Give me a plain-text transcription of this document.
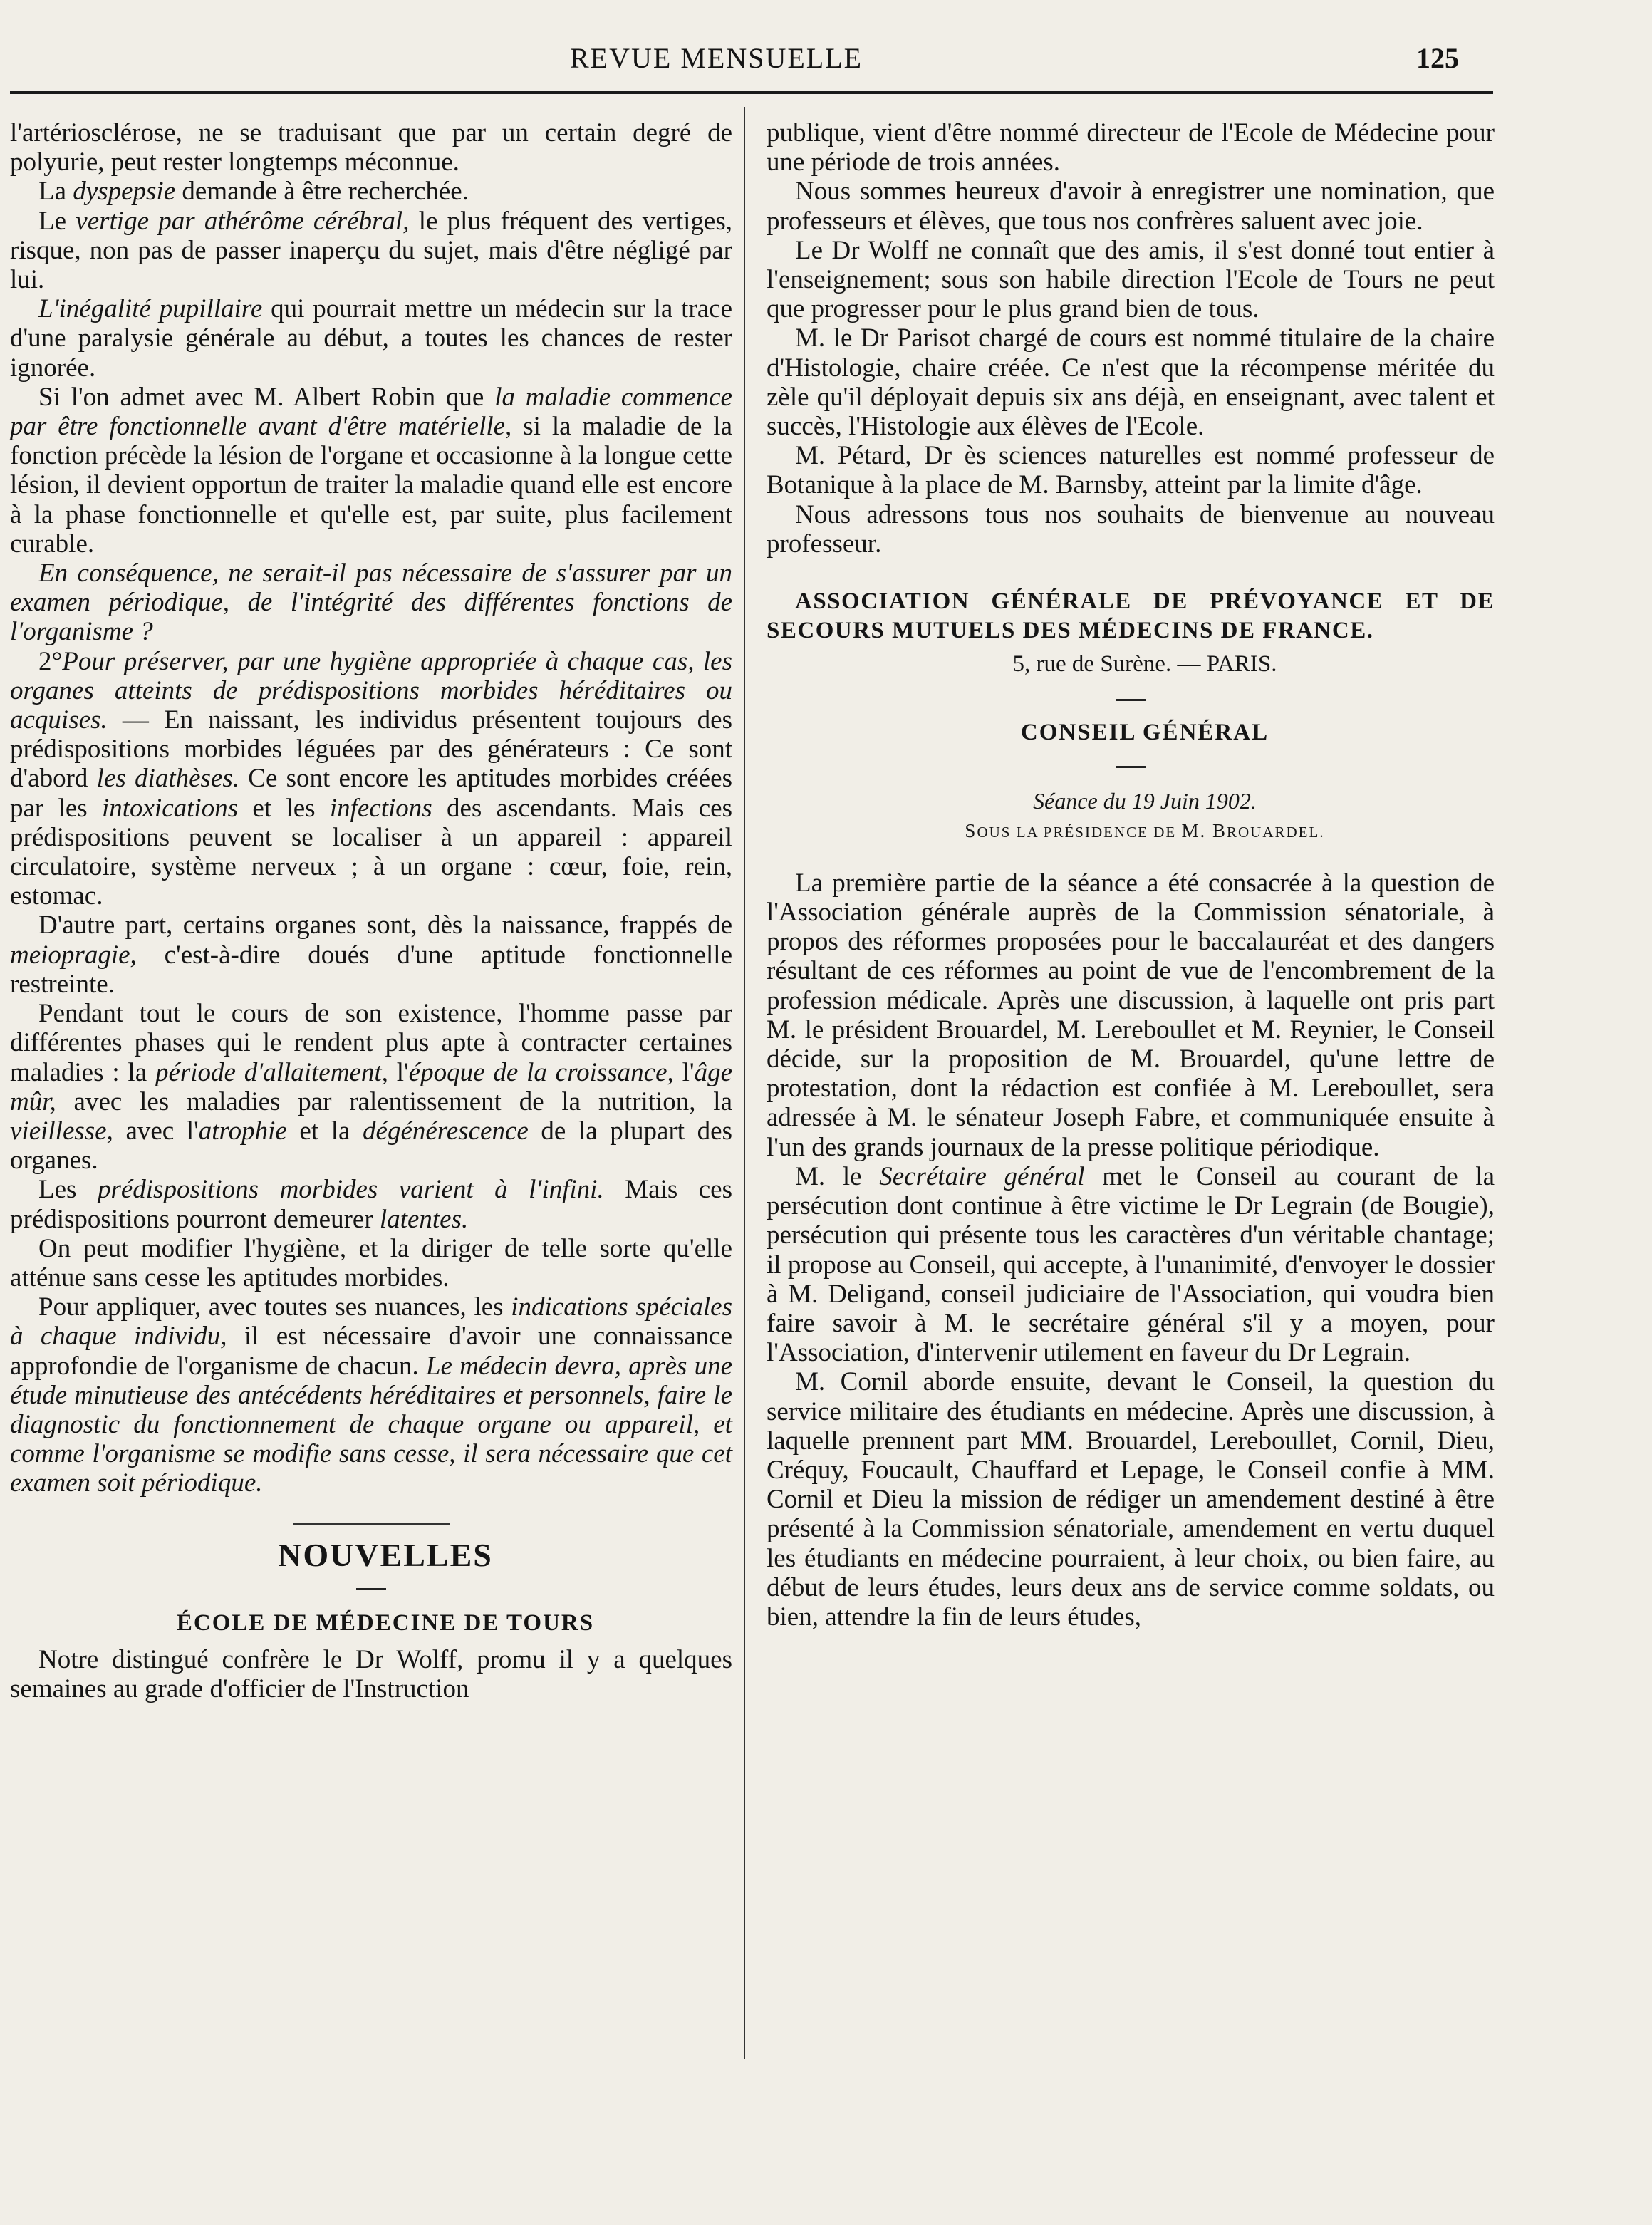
REVUE MENSUELLE	125

l'artériosclérose, ne se traduisant que par un certain degré de polyurie, peut rester longtemps méconnue.

La dyspepsie demande à être recherchée.

Le vertige par athérôme cérébral, le plus fréquent des vertiges, risque, non pas de passer inaperçu du sujet, mais d'être négligé par lui.

L'inégalité pupillaire qui pourrait mettre un médecin sur la trace d'une paralysie générale au début, a toutes les chances de rester ignorée.

Si l'on admet avec M. Albert Robin que la maladie commence par être fonctionnelle avant d'être matérielle, si la maladie de la fonction précède la lésion de l'organe et occasionne à la longue cette lésion, il devient opportun de traiter la maladie quand elle est encore à la phase fonctionnelle et qu'elle est, par suite, plus facilement curable.

En conséquence, ne serait-il pas nécessaire de s'assurer par un examen périodique, de l'intégrité des différentes fonctions de l'organisme ?

2°Pour préserver, par une hygiène appropriée à chaque cas, les organes atteints de prédispositions morbides héréditaires ou acquises. — En naissant, les individus présentent toujours des prédispositions morbides léguées par des générateurs : Ce sont d'abord les diathèses. Ce sont encore les aptitudes morbides créées par les intoxications et les infections des ascendants. Mais ces prédispositions peuvent se localiser à un appareil : appareil circulatoire, système nerveux ; à un organe : cœur, foie, rein, estomac.

D'autre part, certains organes sont, dès la naissance, frappés de meiopragie, c'est-à-dire doués d'une aptitude fonctionnelle restreinte.

Pendant tout le cours de son existence, l'homme passe par différentes phases qui le rendent plus apte à contracter certaines maladies : la période d'allaitement, l'époque de la croissance, l'âge mûr, avec les maladies par ralentissement de la nutrition, la vieillesse, avec l'atrophie et la dégénérescence de la plupart des organes.

Les prédispositions morbides varient à l'infini. Mais ces prédispositions pourront demeurer latentes.

On peut modifier l'hygiène, et la diriger de telle sorte qu'elle atténue sans cesse les aptitudes morbides.

Pour appliquer, avec toutes ses nuances, les indications spéciales à chaque individu, il est nécessaire d'avoir une connaissance approfondie de l'organisme de chacun. Le médecin devra, après une étude minutieuse des antécédents héréditaires et personnels, faire le diagnostic du fonctionnement de chaque organe ou appareil, et comme l'organisme se modifie sans cesse, il sera nécessaire que cet examen soit périodique.

NOUVELLES

ÉCOLE DE MÉDECINE DE TOURS

Notre distingué confrère le Dr Wolff, promu il y a quelques semaines au grade d'officier de l'Instruction

publique, vient d'être nommé directeur de l'Ecole de Médecine pour une période de trois années.

Nous sommes heureux d'avoir à enregistrer une nomination, que professeurs et élèves, que tous nos confrères saluent avec joie.

Le Dr Wolff ne connaît que des amis, il s'est donné tout entier à l'enseignement; sous son habile direction l'Ecole de Tours ne peut que progresser pour le plus grand bien de tous.

M. le Dr Parisot chargé de cours est nommé titulaire de la chaire d'Histologie, chaire créée. Ce n'est que la récompense méritée du zèle qu'il déployait depuis six ans déjà, en enseignant, avec talent et succès, l'Histologie aux élèves de l'Ecole.

M. Pétard, Dr ès sciences naturelles est nommé professeur de Botanique à la place de M. Barnsby, atteint par la limite d'âge.

Nous adressons tous nos souhaits de bienvenue au nouveau professeur.

ASSOCIATION GÉNÉRALE DE PRÉVOYANCE ET DE SECOURS MUTUELS DES MÉDECINS DE FRANCE.

5, rue de Surène. — PARIS.

CONSEIL GÉNÉRAL

Séance du 19 Juin 1902.

SOUS LA PRÉSIDENCE DE M. BROUARDEL.

La première partie de la séance a été consacrée à la question de l'Association générale auprès de la Commission sénatoriale, à propos des réformes proposées pour le baccalauréat et des dangers résultant de ces réformes au point de vue de l'encombrement de la profession médicale. Après une discussion, à laquelle ont pris part M. le président Brouardel, M. Lereboullet et M. Reynier, le Conseil décide, sur la proposition de M. Brouardel, qu'une lettre de protestation, dont la rédaction est confiée à M. Lereboullet, sera adressée à M. le sénateur Joseph Fabre, et communiquée ensuite à l'un des grands journaux de la presse politique périodique.

M. le Secrétaire général met le Conseil au courant de la persécution dont continue à être victime le Dr Legrain (de Bougie), persécution qui présente tous les caractères d'un véritable chantage; il propose au Conseil, qui accepte, à l'unanimité, d'envoyer le dossier à M. Deligand, conseil judiciaire de l'Association, qui voudra bien faire savoir à M. le secrétaire général s'il y a moyen, pour l'Association, d'intervenir utilement en faveur du Dr Legrain.

M. Cornil aborde ensuite, devant le Conseil, la question du service militaire des étudiants en médecine. Après une discussion, à laquelle prennent part MM. Brouardel, Lereboullet, Cornil, Dieu, Créquy, Foucault, Chauffard et Lepage, le Conseil confie à MM. Cornil et Dieu la mission de rédiger un amendement destiné à être présenté à la Commission sénatoriale, amendement en vertu duquel les étudiants en médecine pourraient, à leur choix, ou bien faire, au début de leurs études, leurs deux ans de service comme soldats, ou bien, attendre la fin de leurs études,
